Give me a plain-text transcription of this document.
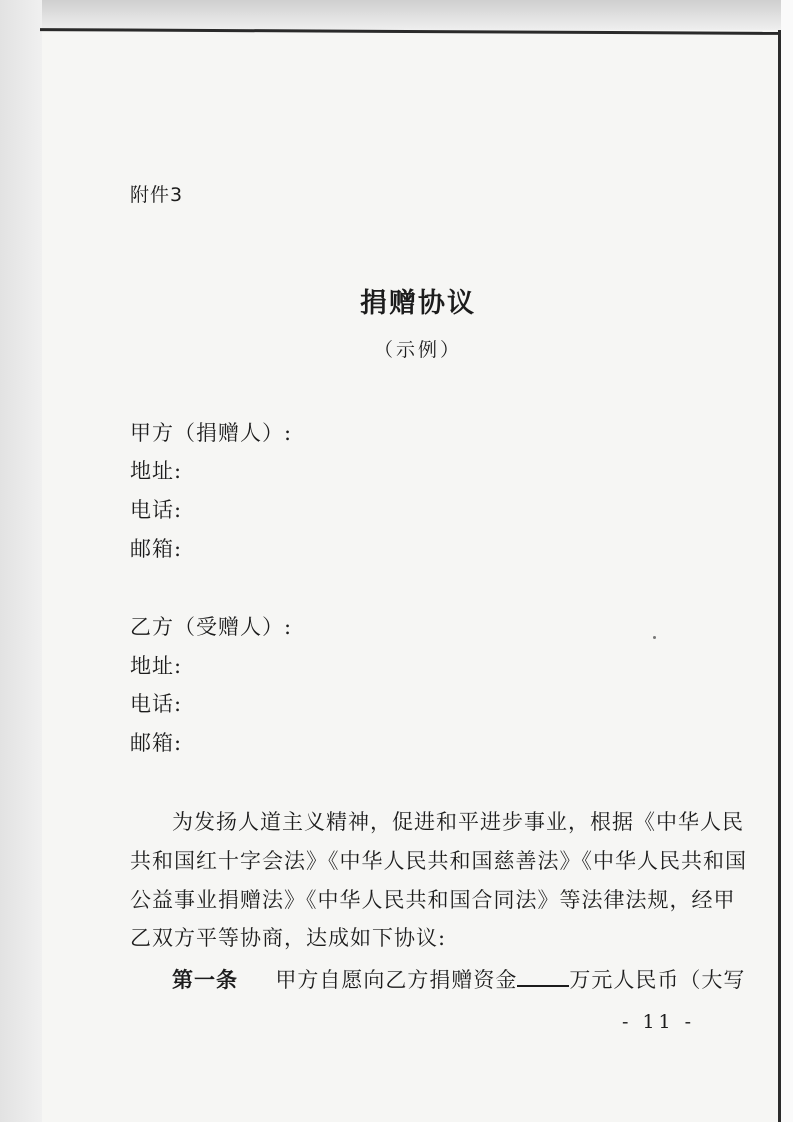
附件3
捐赠协议
（示例）
甲方（捐赠人）:
地址:
电话:
邮箱:
乙方（受赠人）:
地址:
电话:
邮箱:
为发扬人道主义精神，促进和平进步事业，根据《中华人民
共和国红十字会法》《中华人民共和国慈善法》《中华人民共和国
公益事业捐赠法》《中华人民共和国合同法》等法律法规，经甲
乙双方平等协商，达成如下协议:
第一条 甲方自愿向乙方捐赠资金 万元人民币（大写
- 11 -
